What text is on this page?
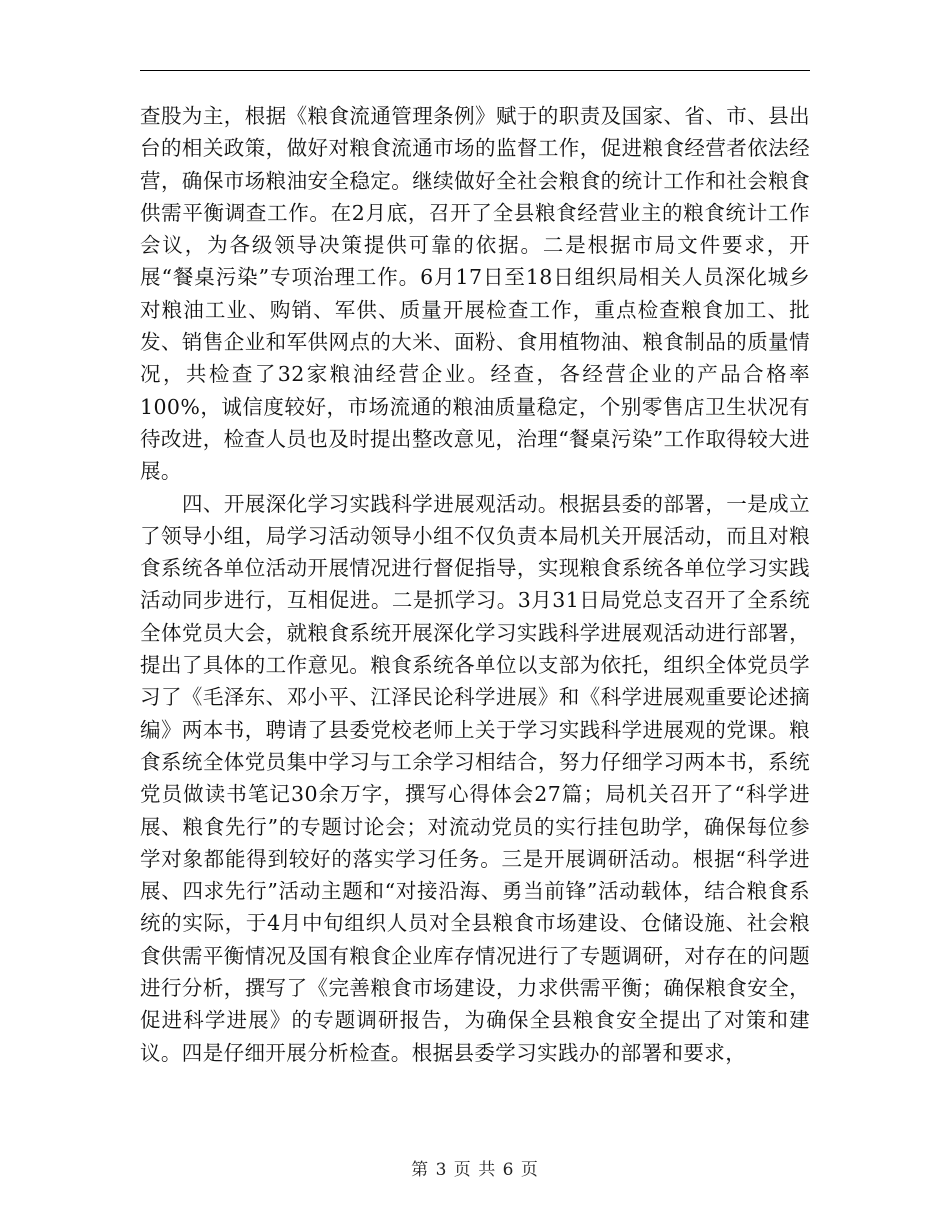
查股为主，根据《粮食流通管理条例》赋于的职责及国家、省、市、县出台的相关政策，做好对粮食流通市场的监督工作，促进粮食经营者依法经营，确保市场粮油安全稳定。继续做好全社会粮食的统计工作和社会粮食供需平衡调查工作。在2月底，召开了全县粮食经营业主的粮食统计工作会议，为各级领导决策提供可靠的依据。二是根据市局文件要求，开展“餐桌污染”专项治理工作。6月17日至18日组织局相关人员深化城乡对粮油工业、购销、军供、质量开展检查工作，重点检查粮食加工、批发、销售企业和军供网点的大米、面粉、食用植物油、粮食制品的质量情况，共检查了32家粮油经营企业。经查，各经营企业的产品合格率100%，诚信度较好，市场流通的粮油质量稳定，个别零售店卫生状况有待改进，检查人员也及时提出整改意见，治理“餐桌污染”工作取得较大进展。

四、开展深化学习实践科学进展观活动。根据县委的部署，一是成立了领导小组，局学习活动领导小组不仅负责本局机关开展活动，而且对粮食系统各单位活动开展情况进行督促指导，实现粮食系统各单位学习实践活动同步进行，互相促进。二是抓学习。3月31日局党总支召开了全系统全体党员大会，就粮食系统开展深化学习实践科学进展观活动进行部署，提出了具体的工作意见。粮食系统各单位以支部为依托，组织全体党员学习了《毛泽东、邓小平、江泽民论科学进展》和《科学进展观重要论述摘编》两本书，聘请了县委党校老师上关于学习实践科学进展观的党课。粮食系统全体党员集中学习与工余学习相结合，努力仔细学习两本书，系统党员做读书笔记30余万字，撰写心得体会27篇；局机关召开了“科学进展、粮食先行”的专题讨论会；对流动党员的实行挂包助学，确保每位参学对象都能得到较好的落实学习任务。三是开展调研活动。根据“科学进展、四求先行”活动主题和“对接沿海、勇当前锋”活动载体，结合粮食系统的实际，于4月中旬组织人员对全县粮食市场建设、仓储设施、社会粮食供需平衡情况及国有粮食企业库存情况进行了专题调研，对存在的问题进行分析，撰写了《完善粮食市场建设，力求供需平衡；确保粮食安全，促进科学进展》的专题调研报告，为确保全县粮食安全提出了对策和建议。四是仔细开展分析检查。根据县委学习实践办的部署和要求，

第 3 页 共 6 页
